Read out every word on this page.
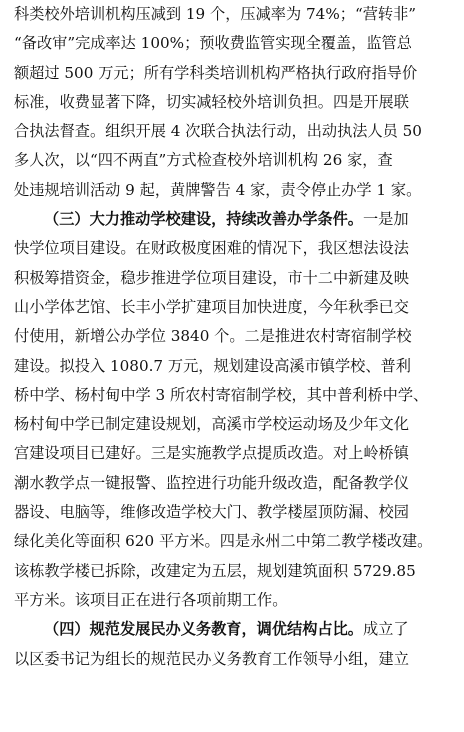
科类校外培训机构压减到 19 个，压减率为 74%；“营转非”
“备改审”完成率达 100%；预收费监管实现全覆盖，监管总
额超过 500 万元；所有学科类培训机构严格执行政府指导价
标准，收费显著下降，切实减轻校外培训负担。四是开展联
合执法督查。组织开展 4 次联合执法行动，出动执法人员 50
多人次，以“四不两直”方式检查校外培训机构 26 家，查
处违规培训活动 9 起，黄牌警告 4 家，责令停止办学 1 家。
（三）大力推动学校建设，持续改善办学条件。一是加
快学位项目建设。在财政极度困难的情况下，我区想法设法
积极筹措资金，稳步推进学位项目建设，市十二中新建及映
山小学体艺馆、长丰小学扩建项目加快进度，今年秋季已交
付使用，新增公办学位 3840 个。二是推进农村寄宿制学校
建设。拟投入 1080.7 万元，规划建设高溪市镇学校、普利
桥中学、杨村甸中学 3 所农村寄宿制学校，其中普利桥中学、
杨村甸中学已制定建设规划，高溪市学校运动场及少年文化
宫建设项目已建好。三是实施教学点提质改造。对上岭桥镇
潮水教学点一键报警、监控进行功能升级改造，配备教学仪
器设、电脑等，维修改造学校大门、教学楼屋顶防漏、校园
绿化美化等面积 620 平方米。四是永州二中第二教学楼改建。
该栋教学楼已拆除，改建定为五层，规划建筑面积 5729.85
平方米。该项目正在进行各项前期工作。
（四）规范发展民办义务教育，调优结构占比。成立了
以区委书记为组长的规范民办义务教育工作领导小组，建立
